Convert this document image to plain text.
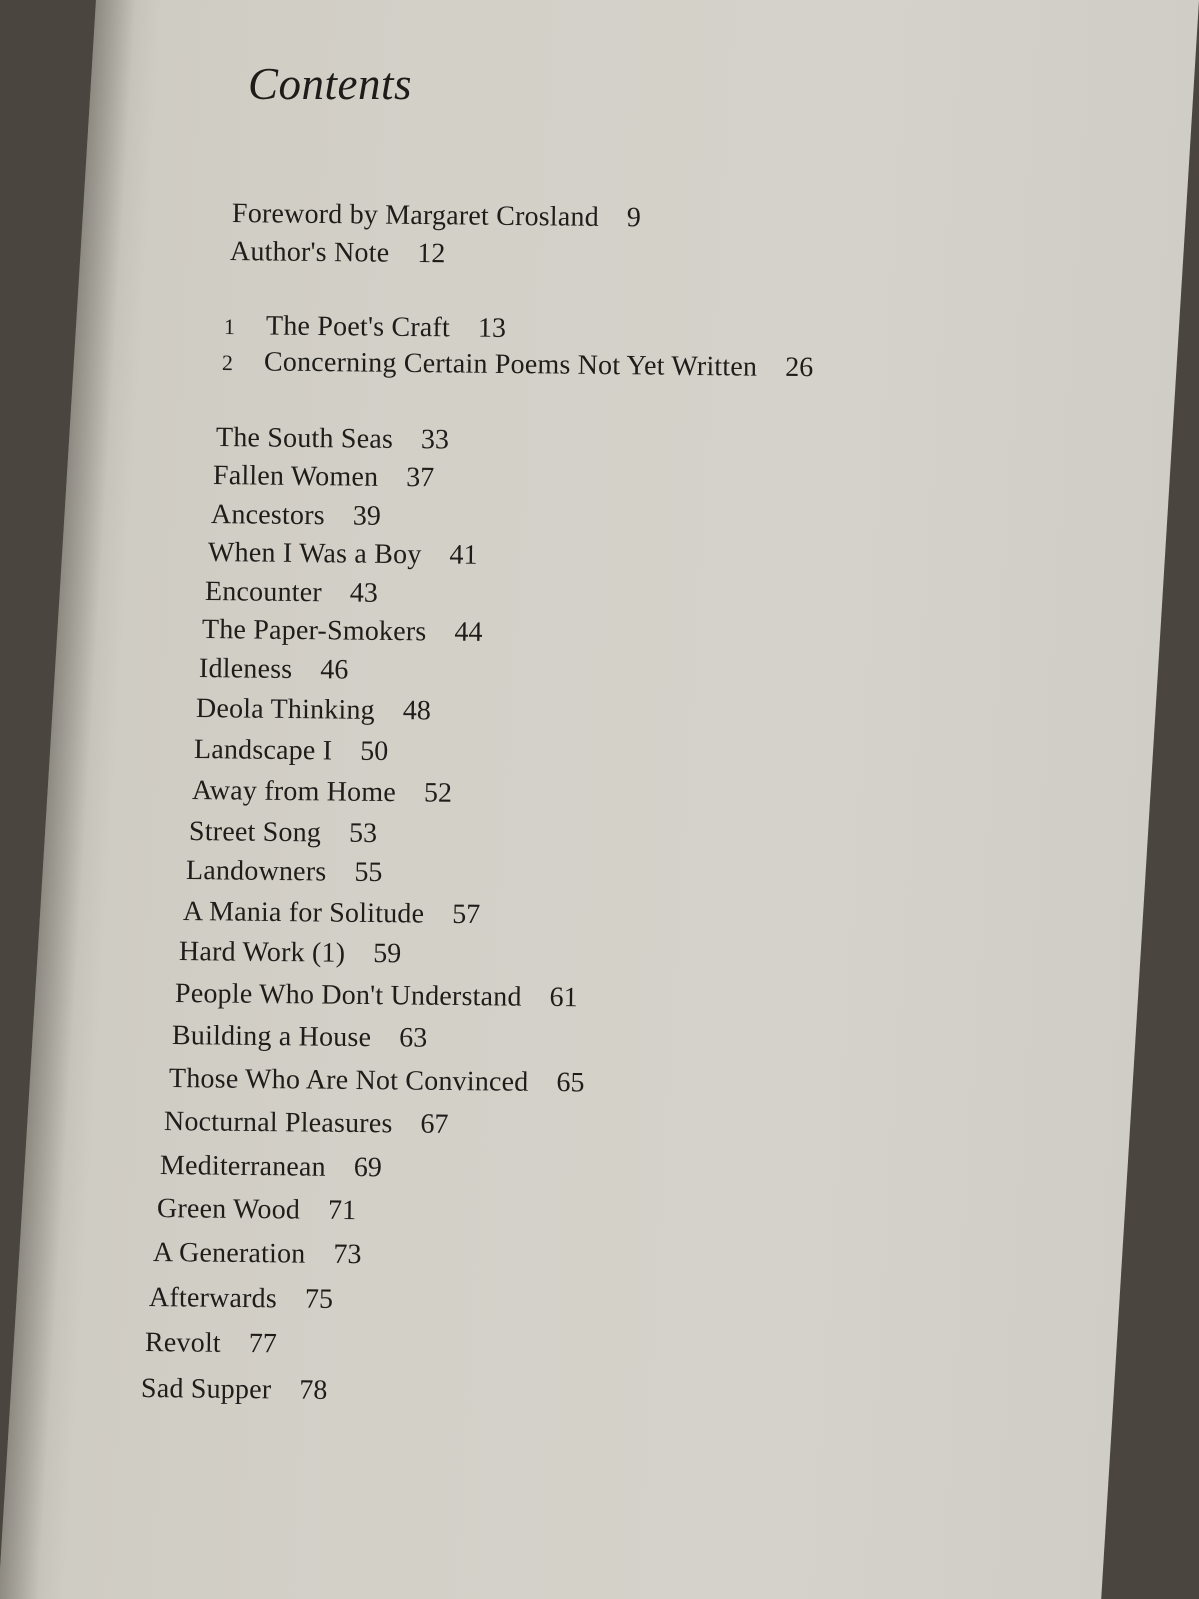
Contents
Foreword by Margaret Crosland 9
Author's Note 12
1 The Poet's Craft 13
2 Concerning Certain Poems Not Yet Written 26
The South Seas 33
Fallen Women 37
Ancestors 39
When I Was a Boy 41
Encounter 43
The Paper-Smokers 44
Idleness 46
Deola Thinking 48
Landscape I 50
Away from Home 52
Street Song 53
Landowners 55
A Mania for Solitude 57
Hard Work (1) 59
People Who Don't Understand 61
Building a House 63
Those Who Are Not Convinced 65
Nocturnal Pleasures 67
Mediterranean 69
Green Wood 71
A Generation 73
Afterwards 75
Revolt 77
Sad Supper 78
